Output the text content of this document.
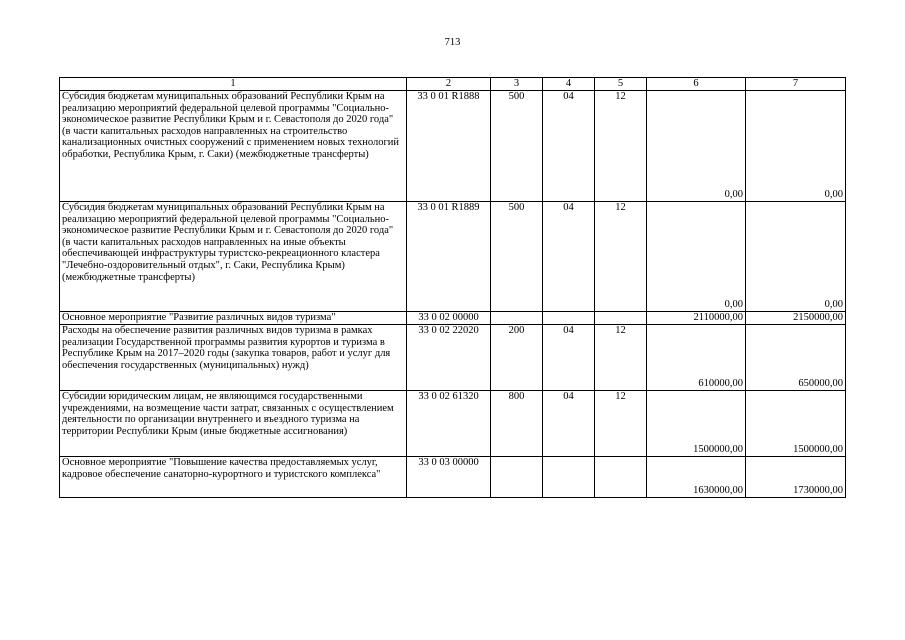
713
1	2	3	4	5	6	7
Субсидия бюджетам муниципальных образований Республики Крым на реализацию мероприятий федеральной целевой программы "Социально-экономическое развитие Республики Крым и г. Севастополя до 2020 года" (в части капитальных расходов направленных на строительство канализационных очистных сооружений с применением новых технологий обработки, Республика Крым, г. Саки) (межбюджетные трансферты)	33 0 01 R1888	500	04	12	0,00	0,00
Субсидия бюджетам муниципальных образований Республики Крым на реализацию мероприятий федеральной целевой программы "Социально-экономическое развитие Республики Крым и г. Севастополя до 2020 года" (в части капитальных расходов направленных на иные объекты обеспечивающей инфраструктуры туристско-рекреационного кластера "Лечебно-оздоровительный отдых", г. Саки, Республика Крым) (межбюджетные трансферты)	33 0 01 R1889	500	04	12	0,00	0,00
Основное мероприятие "Развитие различных видов туризма"	33 0 02 00000				2110000,00	2150000,00
Расходы на обеспечение развития различных видов туризма в рамках реализации Государственной программы развития курортов и туризма в Республике Крым на 2017–2020 годы (закупка товаров, работ и услуг для обеспечения государственных (муниципальных) нужд)	33 0 02 22020	200	04	12	610000,00	650000,00
Субсидии юридическим лицам, не являющимся государственными учреждениями, на возмещение части затрат, связанных с осуществлением деятельности по организации внутреннего и въездного туризма на территории Республики Крым (иные бюджетные ассигнования)	33 0 02 61320	800	04	12	1500000,00	1500000,00
Основное мероприятие "Повышение качества предоставляемых услуг, кадровое обеспечение санаторно-курортного и туристского комплекса"	33 0 03 00000				1630000,00	1730000,00
